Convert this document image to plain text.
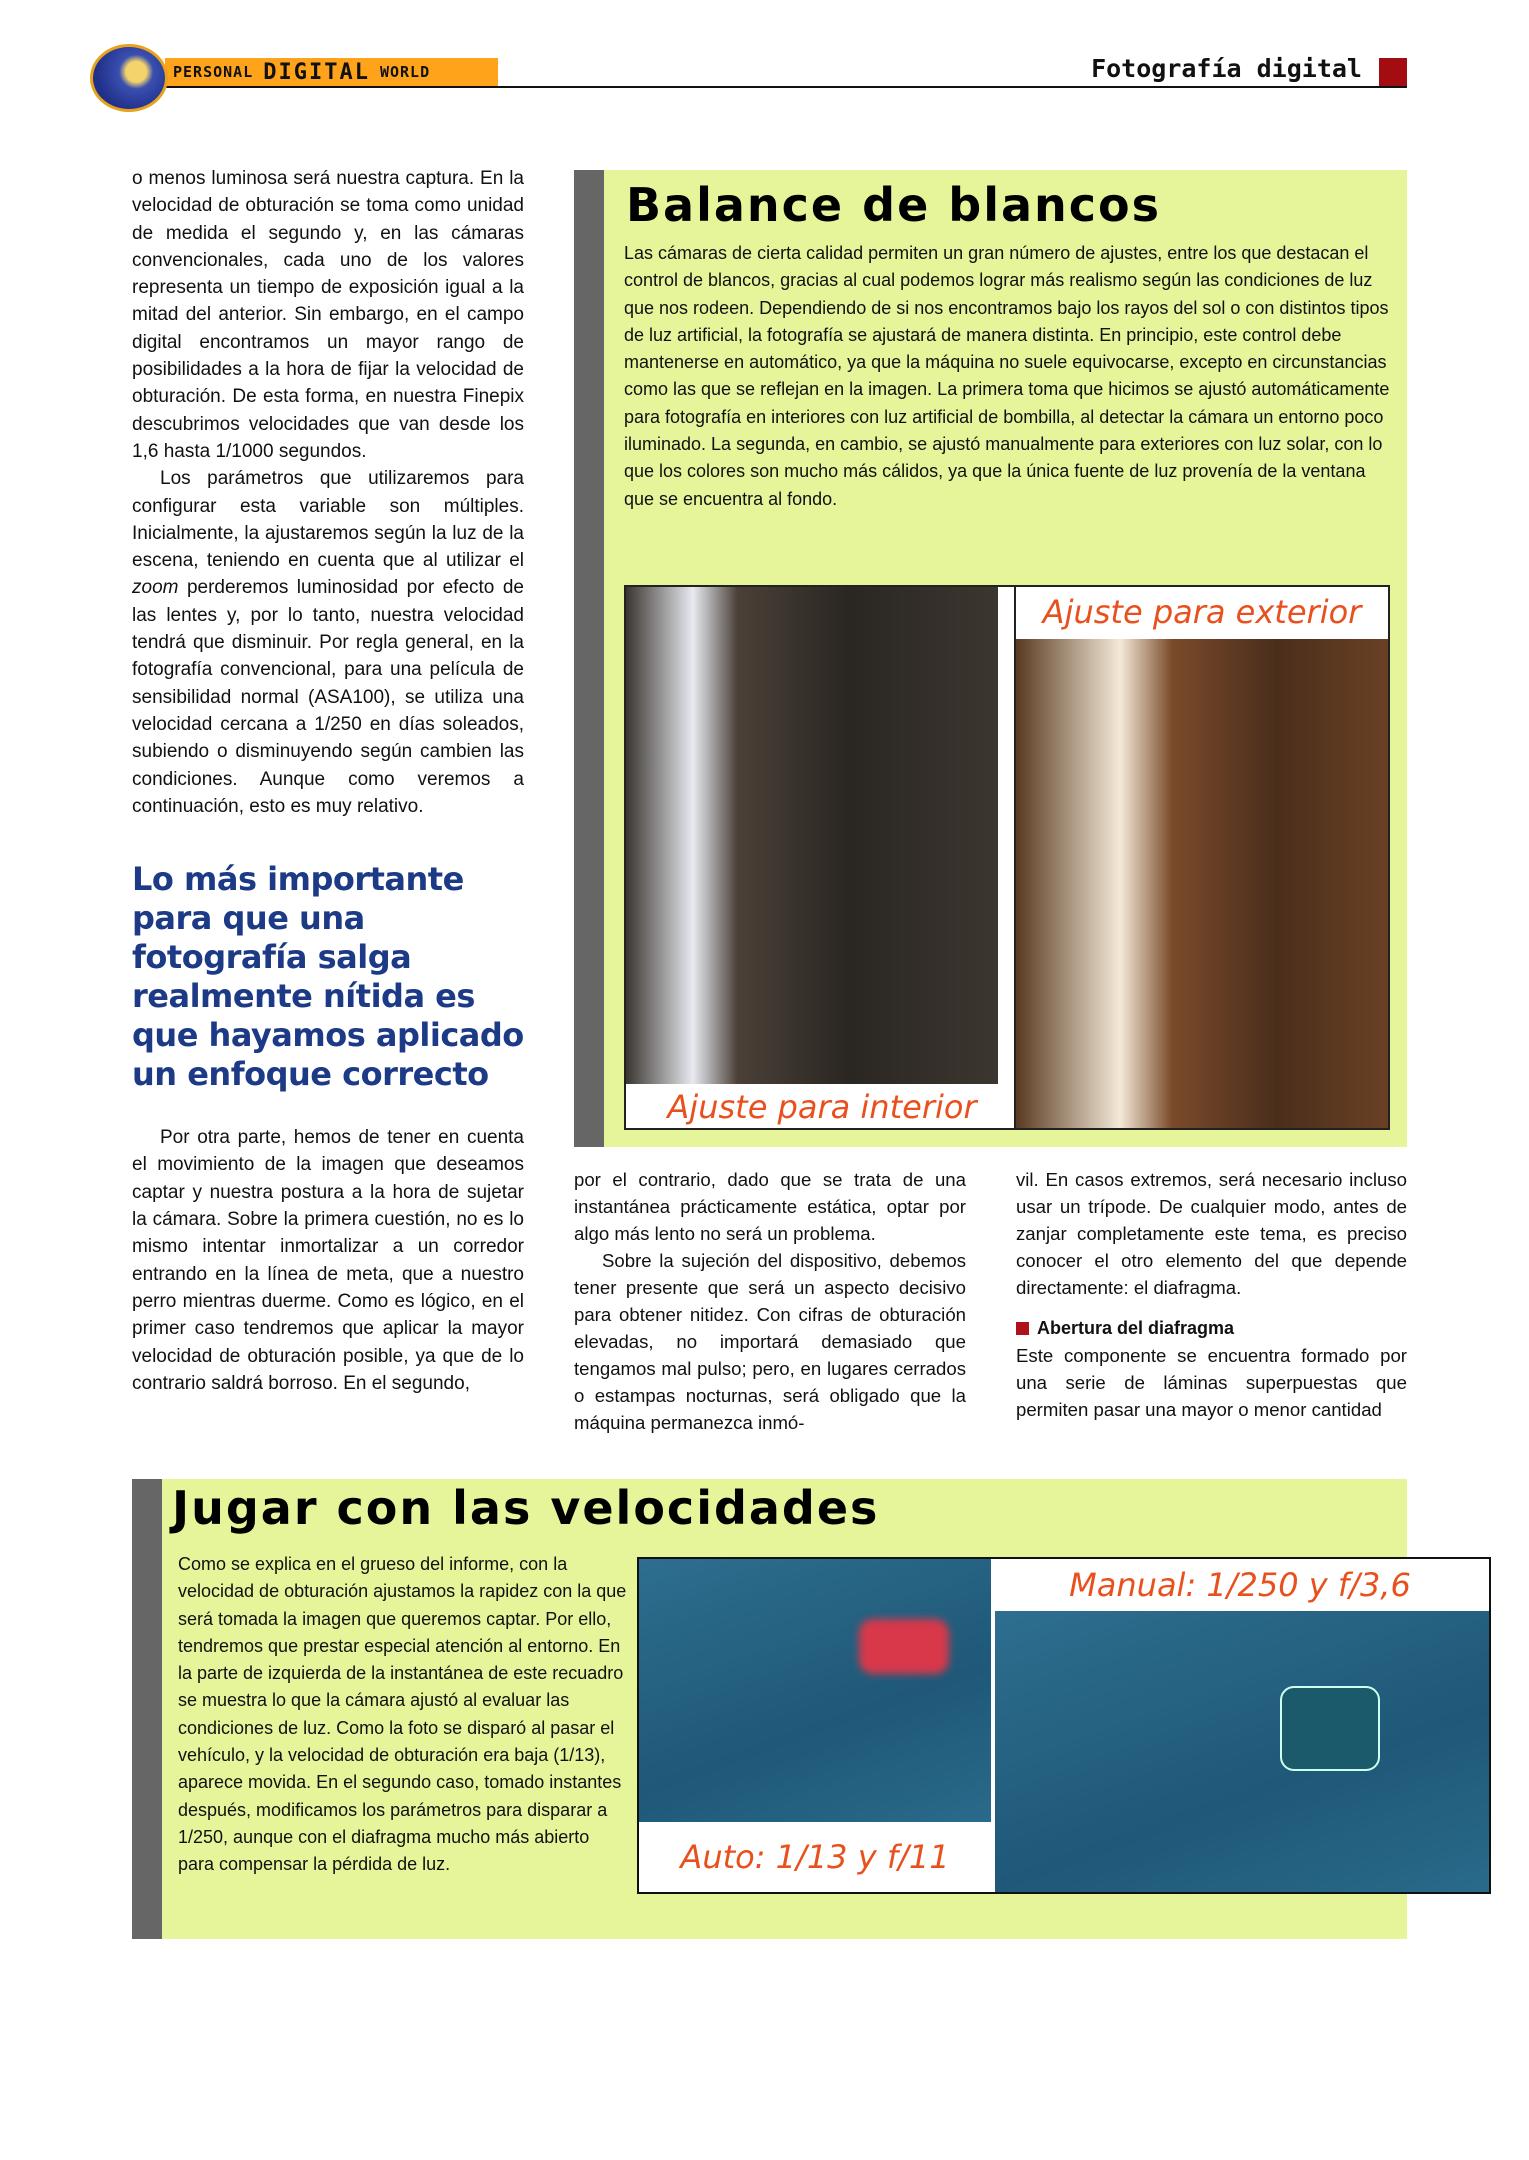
PERSONAL DIGITAL WORLD	Fotografía digital

o menos luminosa será nuestra captura. En la velocidad de obturación se toma como unidad de medida el segundo y, en las cámaras convencionales, cada uno de los valores representa un tiempo de exposición igual a la mitad del anterior. Sin embargo, en el campo digital encontramos un mayor rango de posibilidades a la hora de fijar la velocidad de obturación. De esta forma, en nuestra Finepix descubrimos velocidades que van desde los 1,6 hasta 1/1000 segundos.

Los parámetros que utilizaremos para configurar esta variable son múltiples. Inicialmente, la ajustaremos según la luz de la escena, teniendo en cuenta que al utilizar el zoom perderemos luminosidad por efecto de las lentes y, por lo tanto, nuestra velocidad tendrá que disminuir. Por regla general, en la fotografía convencional, para una película de sensibilidad normal (ASA100), se utiliza una velocidad cercana a 1/250 en días soleados, subiendo o disminuyendo según cambien las condiciones. Aunque como veremos a continuación, esto es muy relativo.

Lo más importante para que una fotografía salga realmente nítida es que hayamos aplicado un enfoque correcto

Por otra parte, hemos de tener en cuenta el movimiento de la imagen que deseamos captar y nuestra postura a la hora de sujetar la cámara. Sobre la primera cuestión, no es lo mismo intentar inmortalizar a un corredor entrando en la línea de meta, que a nuestro perro mientras duerme. Como es lógico, en el primer caso tendremos que aplicar la mayor velocidad de obturación posible, ya que de lo contrario saldrá borroso. En el segundo,

Balance de blancos
Las cámaras de cierta calidad permiten un gran número de ajustes, entre los que destacan el control de blancos, gracias al cual podemos lograr más realismo según las condiciones de luz que nos rodeen. Dependiendo de si nos encontramos bajo los rayos del sol o con distintos tipos de luz artificial, la fotografía se ajustará de manera distinta. En principio, este control debe mantenerse en automático, ya que la máquina no suele equivocarse, excepto en circunstancias como las que se reflejan en la imagen. La primera toma que hicimos se ajustó automáticamente para fotografía en interiores con luz artificial de bombilla, al detectar la cámara un entorno poco iluminado. La segunda, en cambio, se ajustó manualmente para exteriores con luz solar, con lo que los colores son mucho más cálidos, ya que la única fuente de luz provenía de la ventana que se encuentra al fondo.
Ajuste para interior
Ajuste para exterior

por el contrario, dado que se trata de una instantánea prácticamente estática, optar por algo más lento no será un problema.

Sobre la sujeción del dispositivo, debemos tener presente que será un aspecto decisivo para obtener nitidez. Con cifras de obturación elevadas, no importará demasiado que tengamos mal pulso; pero, en lugares cerrados o estampas nocturnas, será obligado que la máquina permanezca inmó-

vil. En casos extremos, será necesario incluso usar un trípode. De cualquier modo, antes de zanjar completamente este tema, es preciso conocer el otro elemento del que depende directamente: el diafragma.

Abertura del diafragma

Este componente se encuentra formado por una serie de láminas superpuestas que permiten pasar una mayor o menor cantidad

Jugar con las velocidades
Como se explica en el grueso del informe, con la velocidad de obturación ajustamos la rapidez con la que será tomada la imagen que queremos captar. Por ello, tendremos que prestar especial atención al entorno. En la parte de izquierda de la instantánea de este recuadro se muestra lo que la cámara ajustó al evaluar las condiciones de luz. Como la foto se disparó al pasar el vehículo, y la velocidad de obturación era baja (1/13), aparece movida. En el segundo caso, tomado instantes después, modificamos los parámetros para disparar a 1/250, aunque con el diafragma mucho más abierto para compensar la pérdida de luz.	Auto: 1/13 y f/11
Manual: 1/250 y f/3,6
